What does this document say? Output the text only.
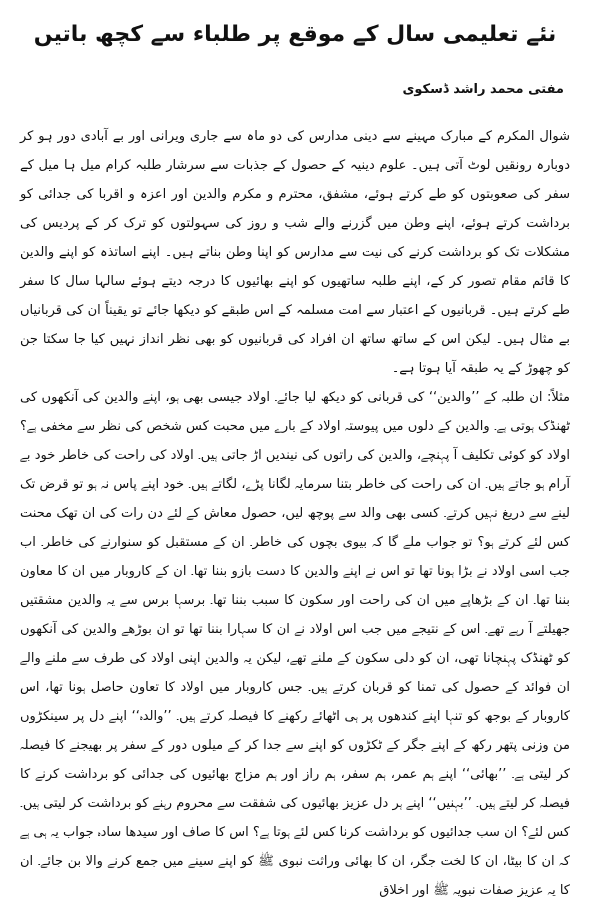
نئے تعلیمی سال کے موقع پر طلباء سے کچھ باتیں
مفتی محمد راشد ڈسکوی

شوال المکرم کے مبارک مہینے سے دینی مدارس کی دو ماہ سے جاری ویرانی اور بے آبادی دور ہو کر دوبارہ رونقیں لوٹ آتی ہیں۔ علوم دینیہ کے حصول کے جذبات سے سرشار طلبہ کرام میل ہا میل کے سفر کی صعوبتوں کو طے کرتے ہوئے، مشفق، محترم و مکرم والدین اور اعزہ و اقربا کی جدائی کو برداشت کرتے ہوئے، اپنے وطن میں گزرنے والے شب و روز کی سہولتوں کو ترک کر کے پردیس کی مشکلات تک کو برداشت کرنے کی نیت سے مدارس کو اپنا وطن بناتے ہیں۔ اپنے اساتذہ کو اپنے والدین کا قائم مقام تصور کر کے، اپنے طلبہ ساتھیوں کو اپنے بھائیوں کا درجہ دیتے ہوئے سالہا سال کا سفر طے کرتے ہیں۔ قربانیوں کے اعتبار سے امت مسلمہ کے اس طبقے کو دیکھا جائے تو یقیناً ان کی قربانیاں بے مثال ہیں۔ لیکن اس کے ساتھ ساتھ ان افراد کی قربانیوں کو بھی نظر انداز نہیں کیا جا سکتا جن کو چھوڑ کے یہ طبقہ آیا ہوتا ہے۔

مثلاً: ان طلبہ کے ’’والدین‘‘ کی قربانی کو دیکھ لیا جائے۔ اولاد جیسی بھی ہو، اپنے والدین کی آنکھوں کی ٹھنڈک ہوتی ہے۔ والدین کے دلوں میں پیوستہ اولاد کے بارے میں محبت کس شخص کی نظر سے مخفی ہے؟ اولاد کو کوئی تکلیف آ پہنچے، والدین کی راتوں کی نیندیں اڑ جاتی ہیں۔ اولاد کی راحت کی خاطر خود بے آرام ہو جاتے ہیں۔ ان کی راحت کی خاطر بتنا سرمایہ لگانا پڑے، لگاتے ہیں۔ خود اپنے پاس نہ ہو تو قرض تک لینے سے دریغ نہیں کرتے۔ کسی بھی والد سے پوچھ لیں، حصول معاش کے لئے دن رات کی ان تھک محنت کس لئے کرتے ہو؟ تو جواب ملے گا کہ بیوی بچوں کی خاطر۔ ان کے مستقبل کو سنوارنے کی خاطر۔ اب جب اسی اولاد نے بڑا ہونا تھا تو اس نے اپنے والدین کا دست بازو بننا تھا۔ ان کے کاروبار میں ان کا معاون بننا تھا۔ ان کے بڑھاپے میں ان کی راحت اور سکون کا سبب بننا تھا۔ برسہا برس سے یہ والدین مشقتیں جھیلتے آ رہے تھے۔ اس کے نتیجے میں جب اس اولاد نے ان کا سہارا بننا تھا تو ان بوڑھے والدین کی آنکھوں کو ٹھنڈک پہنچانا تھی، ان کو دلی سکون کے ملنے تھے، لیکن یہ والدین اپنی اولاد کی طرف سے ملنے والے ان فوائد کے حصول کی تمنا کو قربان کرتے ہیں۔ جس کاروبار میں اولاد کا تعاون حاصل ہونا تھا، اس کاروبار کے بوجھ کو تنہا اپنے کندھوں پر ہی اٹھائے رکھنے کا فیصلہ کرتے ہیں۔ ’’والدہ‘‘ اپنے دل پر سینکڑوں من وزنی پتھر رکھ کے اپنے جگر کے ٹکڑوں کو اپنے سے جدا کر کے میلوں دور کے سفر پر بھیجنے کا فیصلہ کر لیتی ہے۔ ’’بھائی‘‘ اپنے ہم عمر، ہم سفر، ہم راز اور ہم مزاج بھائیوں کی جدائی کو برداشت کرنے کا فیصلہ کر لیتے ہیں۔ ’’بہنیں‘‘ اپنے ہر دل عزیز بھائیوں کی شفقت سے محروم رہنے کو برداشت کر لیتی ہیں۔ کس لئے؟ ان سب جدائیوں کو برداشت کرنا کس لئے ہوتا ہے؟ اس کا صاف اور سیدھا سادہ جواب یہ ہی ہے کہ ان کا بیٹا، ان کا لخت جگر، ان کا بھائی وراثت نبوی ﷺ کو اپنے سینے میں جمع کرنے والا بن جائے۔ ان کا یہ عزیز صفات نبویہ ﷺ اور اخلاق
